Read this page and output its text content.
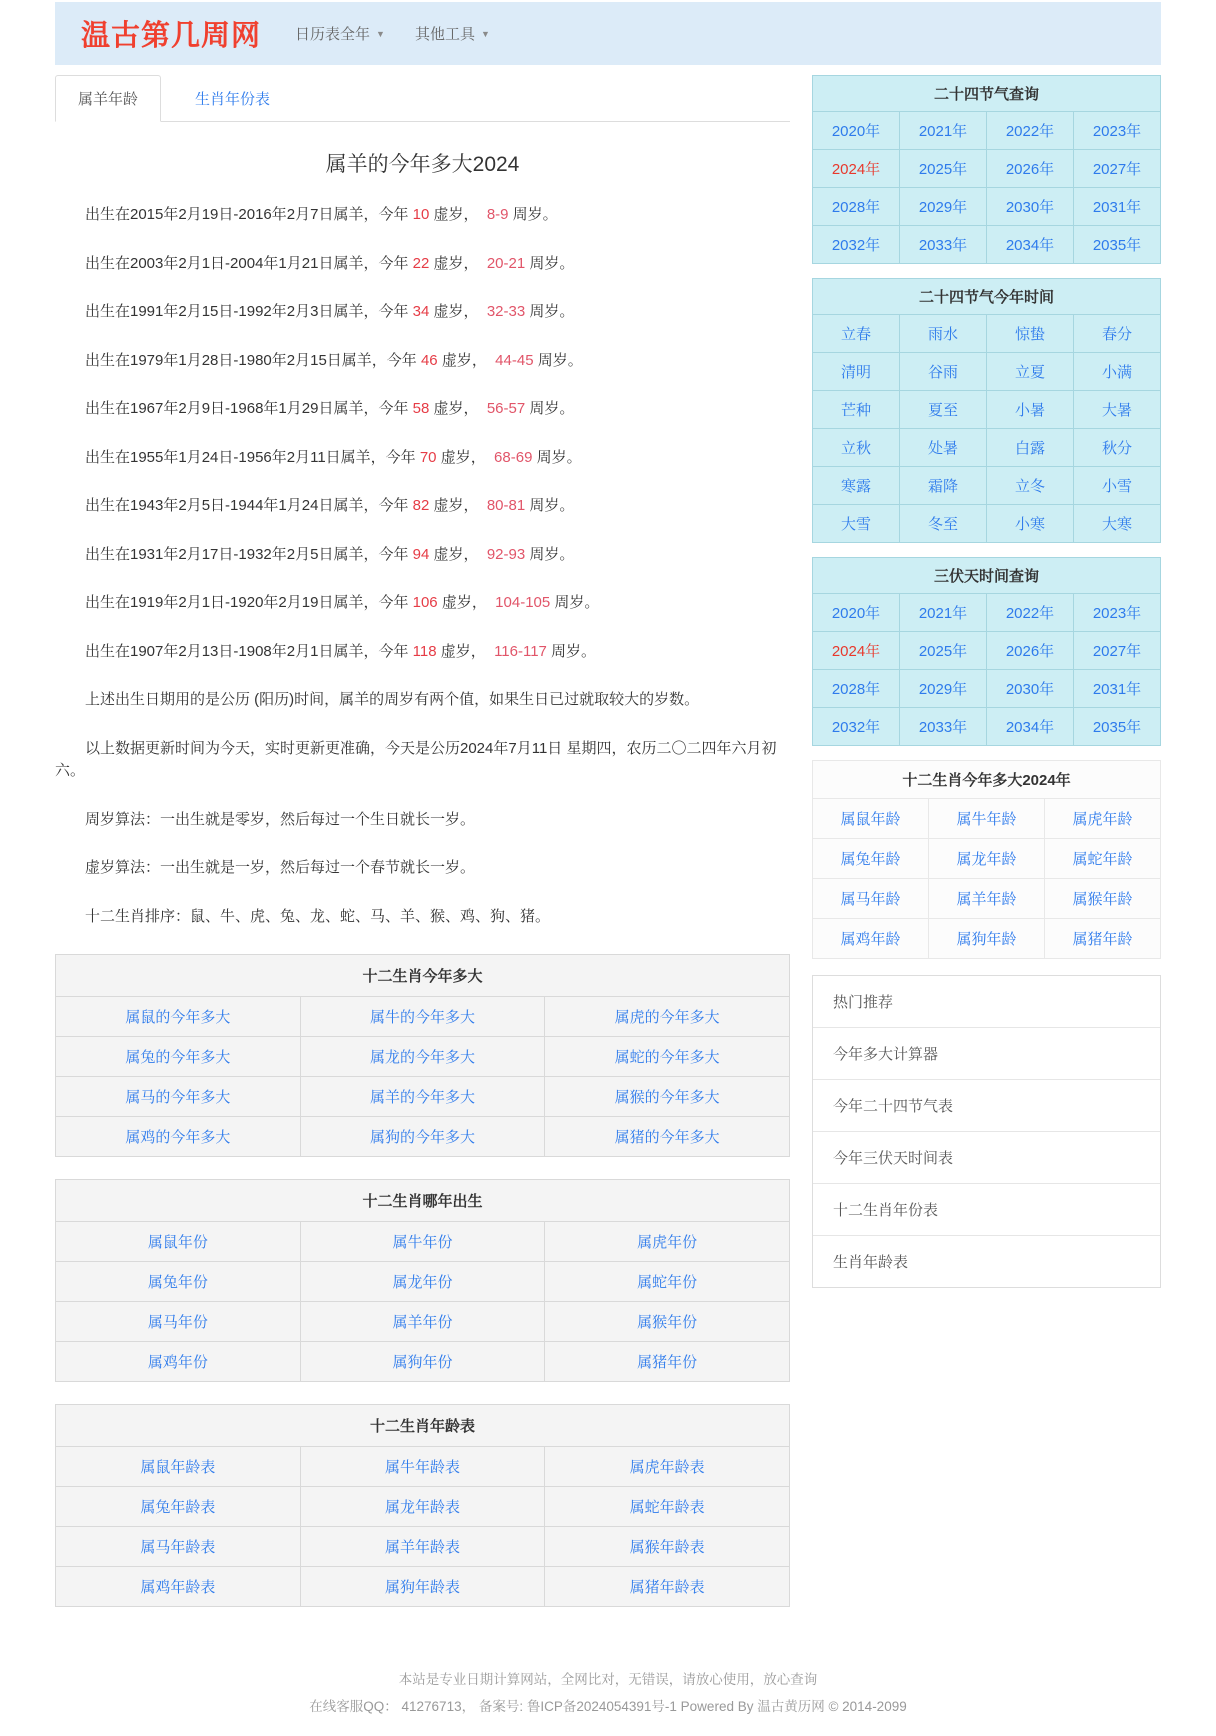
温古第几周网 日历表全年 ▼ 其他工具 ▼
属羊年龄	生肖年份表
属羊的今年多大2024

出生在2015年2月19日-2016年2月7日属羊，今年 10 虚岁，  8-9 周岁。

出生在2003年2月1日-2004年1月21日属羊，今年 22 虚岁，  20-21 周岁。

出生在1991年2月15日-1992年2月3日属羊，今年 34 虚岁，  32-33 周岁。

出生在1979年1月28日-1980年2月15日属羊，今年 46 虚岁，  44-45 周岁。

出生在1967年2月9日-1968年1月29日属羊，今年 58 虚岁，  56-57 周岁。

出生在1955年1月24日-1956年2月11日属羊，今年 70 虚岁，  68-69 周岁。

出生在1943年2月5日-1944年1月24日属羊，今年 82 虚岁，  80-81 周岁。

出生在1931年2月17日-1932年2月5日属羊，今年 94 虚岁，  92-93 周岁。

出生在1919年2月1日-1920年2月19日属羊，今年 106 虚岁，  104-105 周岁。

出生在1907年2月13日-1908年2月1日属羊，今年 118 虚岁，  116-117 周岁。

上述出生日期用的是公历 (阳历)时间，属羊的周岁有两个值，如果生日已过就取较大的岁数。

以上数据更新时间为今天，实时更新更准确，今天是公历2024年7月11日 星期四，农历二〇二四年六月初六。

周岁算法：一出生就是零岁，然后每过一个生日就长一岁。

虚岁算法：一出生就是一岁，然后每过一个春节就长一岁。

十二生肖排序：鼠、牛、虎、兔、龙、蛇、马、羊、猴、鸡、狗、猪。

十二生肖今年多大
属鼠的今年多大	属牛的今年多大	属虎的今年多大
属兔的今年多大	属龙的今年多大	属蛇的今年多大
属马的今年多大	属羊的今年多大	属猴的今年多大
属鸡的今年多大	属狗的今年多大	属猪的今年多大
十二生肖哪年出生
属鼠年份	属牛年份	属虎年份
属兔年份	属龙年份	属蛇年份
属马年份	属羊年份	属猴年份
属鸡年份	属狗年份	属猪年份
十二生肖年龄表
属鼠年龄表	属牛年龄表	属虎年龄表
属兔年龄表	属龙年龄表	属蛇年龄表
属马年龄表	属羊年龄表	属猴年龄表
属鸡年龄表	属狗年龄表	属猪年龄表
二十四节气查询
2020年	2021年	2022年	2023年
2024年	2025年	2026年	2027年
2028年	2029年	2030年	2031年
2032年	2033年	2034年	2035年
二十四节气今年时间
立春	雨水	惊蛰	春分
清明	谷雨	立夏	小满
芒种	夏至	小暑	大暑
立秋	处暑	白露	秋分
寒露	霜降	立冬	小雪
大雪	冬至	小寒	大寒
三伏天时间查询
2020年	2021年	2022年	2023年
2024年	2025年	2026年	2027年
2028年	2029年	2030年	2031年
2032年	2033年	2034年	2035年
十二生肖今年多大2024年
属鼠年龄	属牛年龄	属虎年龄
属兔年龄	属龙年龄	属蛇年龄
属马年龄	属羊年龄	属猴年龄
属鸡年龄	属狗年龄	属猪年龄
热门推荐
今年多大计算器
今年二十四节气表
今年三伏天时间表
十二生肖年份表
生肖年龄表

本站是专业日期计算网站，全网比对，无错误，请放心使用，放心查询

在线客服QQ： 41276713， 备案号: 鲁ICP备2024054391号-1 Powered By 温古黄历网 © 2014-2099
